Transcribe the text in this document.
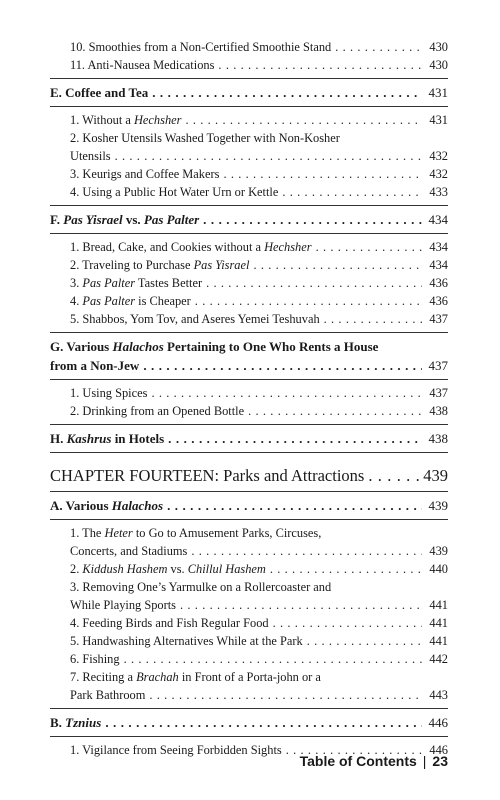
10. Smoothies from a Non-Certified Smoothie Stand . . .	430
11. Anti-Nausea Medications . . .	430
E. Coffee and Tea . . .	431
1. Without a Hechsher . . .	431
2. Kosher Utensils Washed Together with Non-Kosher
Utensils . . .	432
3. Keurigs and Coffee Makers . . .	432
4. Using a Public Hot Water Urn or Kettle . . .	433
F. Pas Yisrael vs. Pas Palter . . .	434
1. Bread, Cake, and Cookies without a Hechsher . . .	434
2. Traveling to Purchase Pas Yisrael . . .	434
3. Pas Palter Tastes Better . . .	436
4. Pas Palter is Cheaper . . .	436
5. Shabbos, Yom Tov, and Aseres Yemei Teshuvah . . .	437
G. Various Halachos Pertaining to One Who Rents a House
from a Non-Jew . . .	437
1. Using Spices . . .	437
2. Drinking from an Opened Bottle . . .	438
H. Kashrus in Hotels . . .	438
CHAPTER FOURTEEN: Parks and Attractions . . .	439
A. Various Halachos . . .	439
1. The Heter to Go to Amusement Parks, Circuses,
Concerts, and Stadiums . . .	439
2. Kiddush Hashem vs. Chillul Hashem . . .	440
3. Removing One’s Yarmulke on a Rollercoaster and
While Playing Sports . . .	441
4. Feeding Birds and Fish Regular Food . . .	441
5. Handwashing Alternatives While at the Park . . .	441
6. Fishing . . .	442
7. Reciting a Brachah in Front of a Porta-john or a
Park Bathroom . . .	443
B. Tznius . . .	446
1. Vigilance from Seeing Forbidden Sights . . .	446
Table of Contents | 23
